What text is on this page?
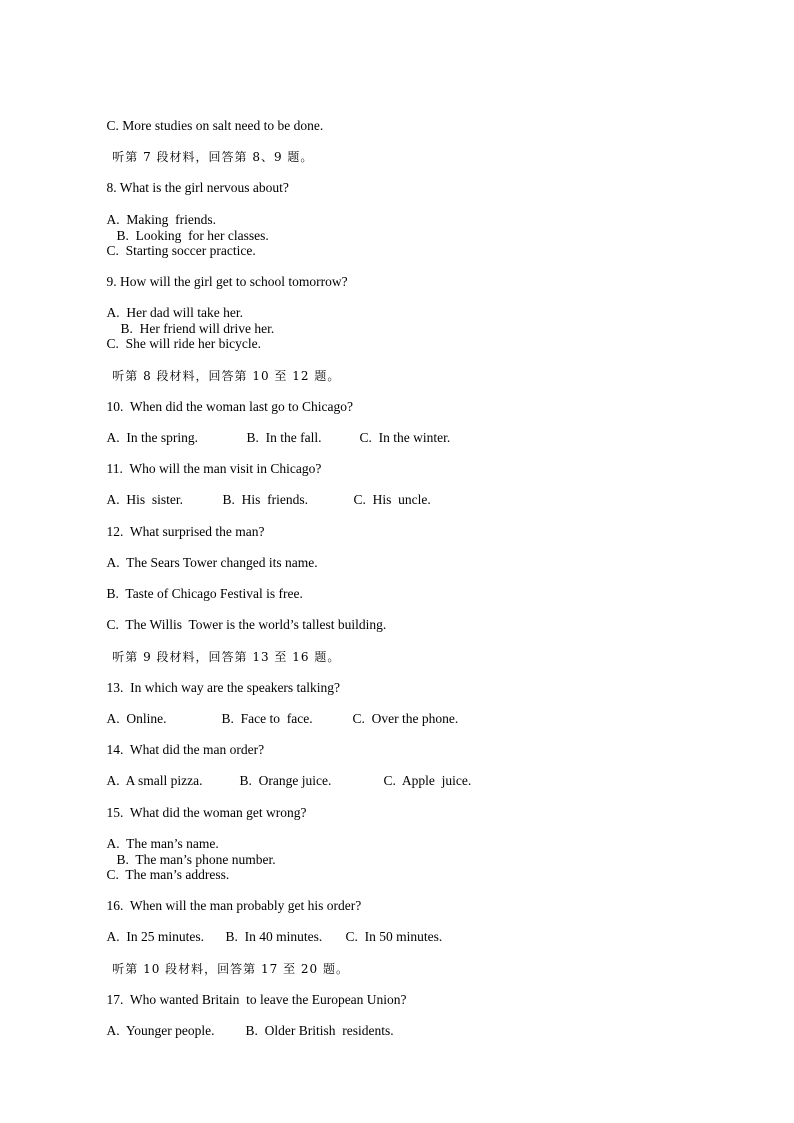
C. More studies on salt need to be done.

听第 7 段材料，回答第 8、9 题。

8. What is the girl nervous about?

A.  Making  friends.
B.  Looking  for her classes.

C.  Starting soccer practice.

9. How will the girl get to school tomorrow?

A.  Her dad will take her.
B.  Her friend will drive her.

C.  She will ride her bicycle.

听第 8 段材料，回答第 10 至 12 题。

10.  When did the woman last go to Chicago?

A.  In the spring.	B.  In the fall.	C.  In the winter.

11.  Who will the man visit in Chicago?

A.  His  sister.	B.  His  friends.	C.  His  uncle.

12.  What surprised the man?

A.  The Sears Tower changed its name.

B.  Taste of Chicago Festival is free.

C.  The Willis  Tower is the world’s tallest building.

听第 9 段材料，回答第 13 至 16 题。

13.  In which way are the speakers talking?

A.  Online.	B.  Face to  face.	C.  Over the phone.

14.  What did the man order?

A.  A small pizza.	B.  Orange juice.	C.  Apple  juice.

15.  What did the woman get wrong?

A.  The man’s name.
B.  The man’s phone number.

C.  The man’s address.

16.  When will the man probably get his order?

A.  In 25 minutes. B.  In 40 minutes. C.  In 50 minutes.

听第 10 段材料，回答第 17 至 20 题。

17.  Who wanted Britain  to leave the European Union?

A.  Younger people. B.  Older British  residents.
